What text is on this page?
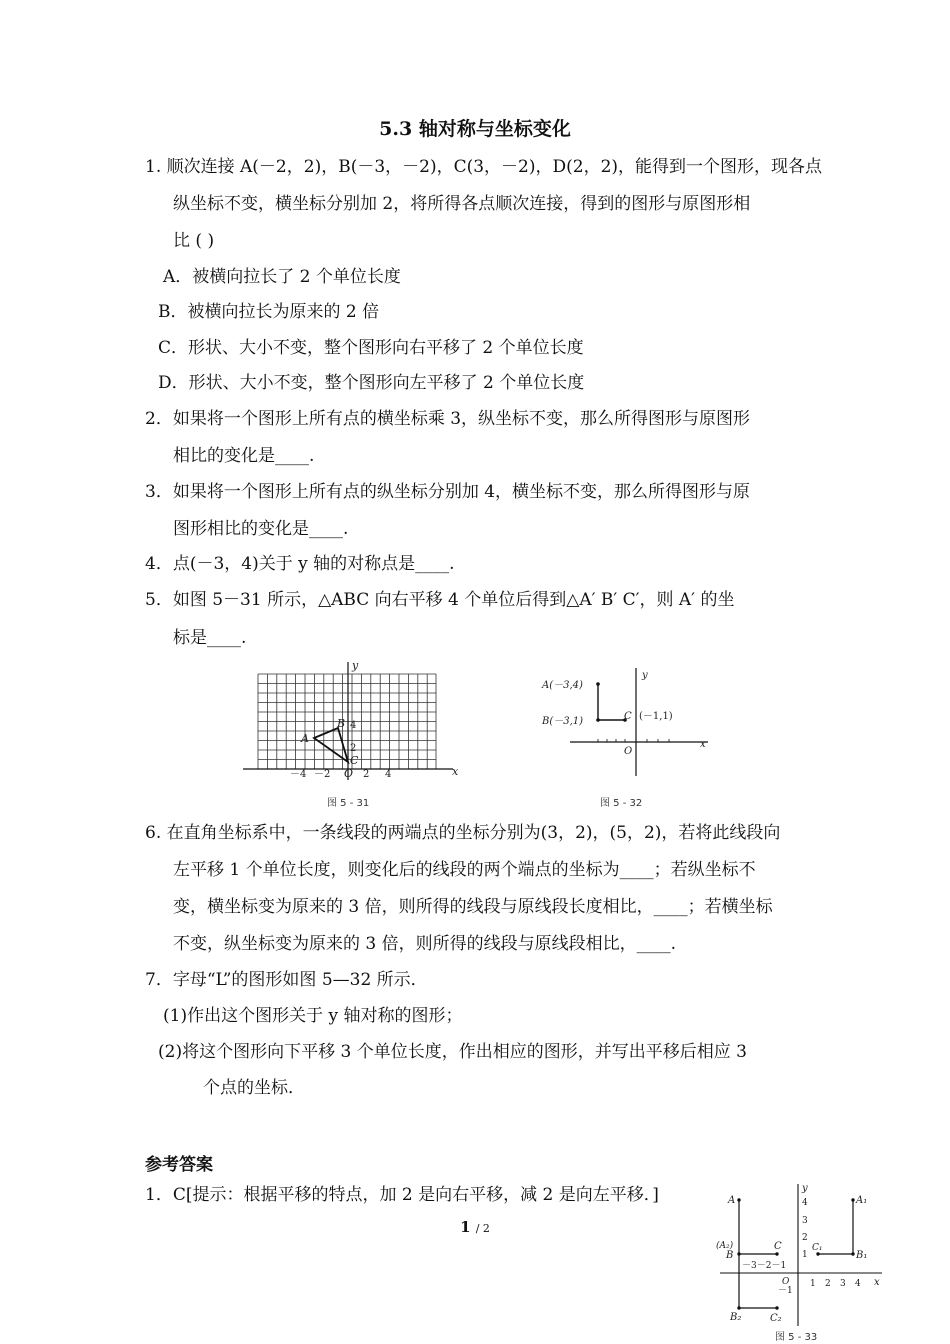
5.3 轴对称与坐标变化
1. 顺次连接 A(－2，2)，B(－3，－2)，C(3，－2)，D(2，2)，能得到一个图形，现各点
纵坐标不变，横坐标分别加 2，将所得各点顺次连接，得到的图形与原图形相
比 ( )
A．被横向拉长了 2 个单位长度
B．被横向拉长为原来的 2 倍
C．形状、大小不变，整个图形向右平移了 2 个单位长度
D．形状、大小不变，整个图形向左平移了 2 个单位长度
2．如果将一个图形上所有点的横坐标乘 3，纵坐标不变，那么所得图形与原图形
相比的变化是____.
3．如果将一个图形上所有点的纵坐标分别加 4，横坐标不变，那么所得图形与原
图形相比的变化是____.
4．点(－3，4)关于 y 轴的对称点是____.
5．如图 5－31 所示，△ABC 向右平移 4 个单位后得到△A′ B′ C′，则 A′ 的坐
标是____.
x
y
A
B
C
O
－4 －2	2 4
2
4
图 5 - 31
A(－3,4)
B(－3,1)	C (－1,1)
O
x
y
图 5 - 32
6. 在直角坐标系中，一条线段的两端点的坐标分别为(3，2)，(5，2)，若将此线段向
左平移 1 个单位长度，则变化后的线段的两个端点的坐标为____；若纵坐标不
变，横坐标变为原来的 3 倍，则所得的线段与原线段长度相比，____；若横坐标
不变，纵坐标变为原来的 3 倍，则所得的线段与原线段相比，____.
7．字母“L”的图形如图 5—32 所示．
(1)作出这个图形关于 y 轴对称的图形；
(2)将这个图形向下平移 3 个单位长度，作出相应的图形，并写出平移后相应 3
个点的坐标．
参考答案
1．C[提示：根据平移的特点，加 2 是向右平移，减 2 是向左平移．]
1 / 2
A	A₁
(A₂)
B	B₁
B₂
C	C₁
C₂
－3－2－1
1 2 3 4
4
3
2
1
－1
O	x
y
图 5 - 33
